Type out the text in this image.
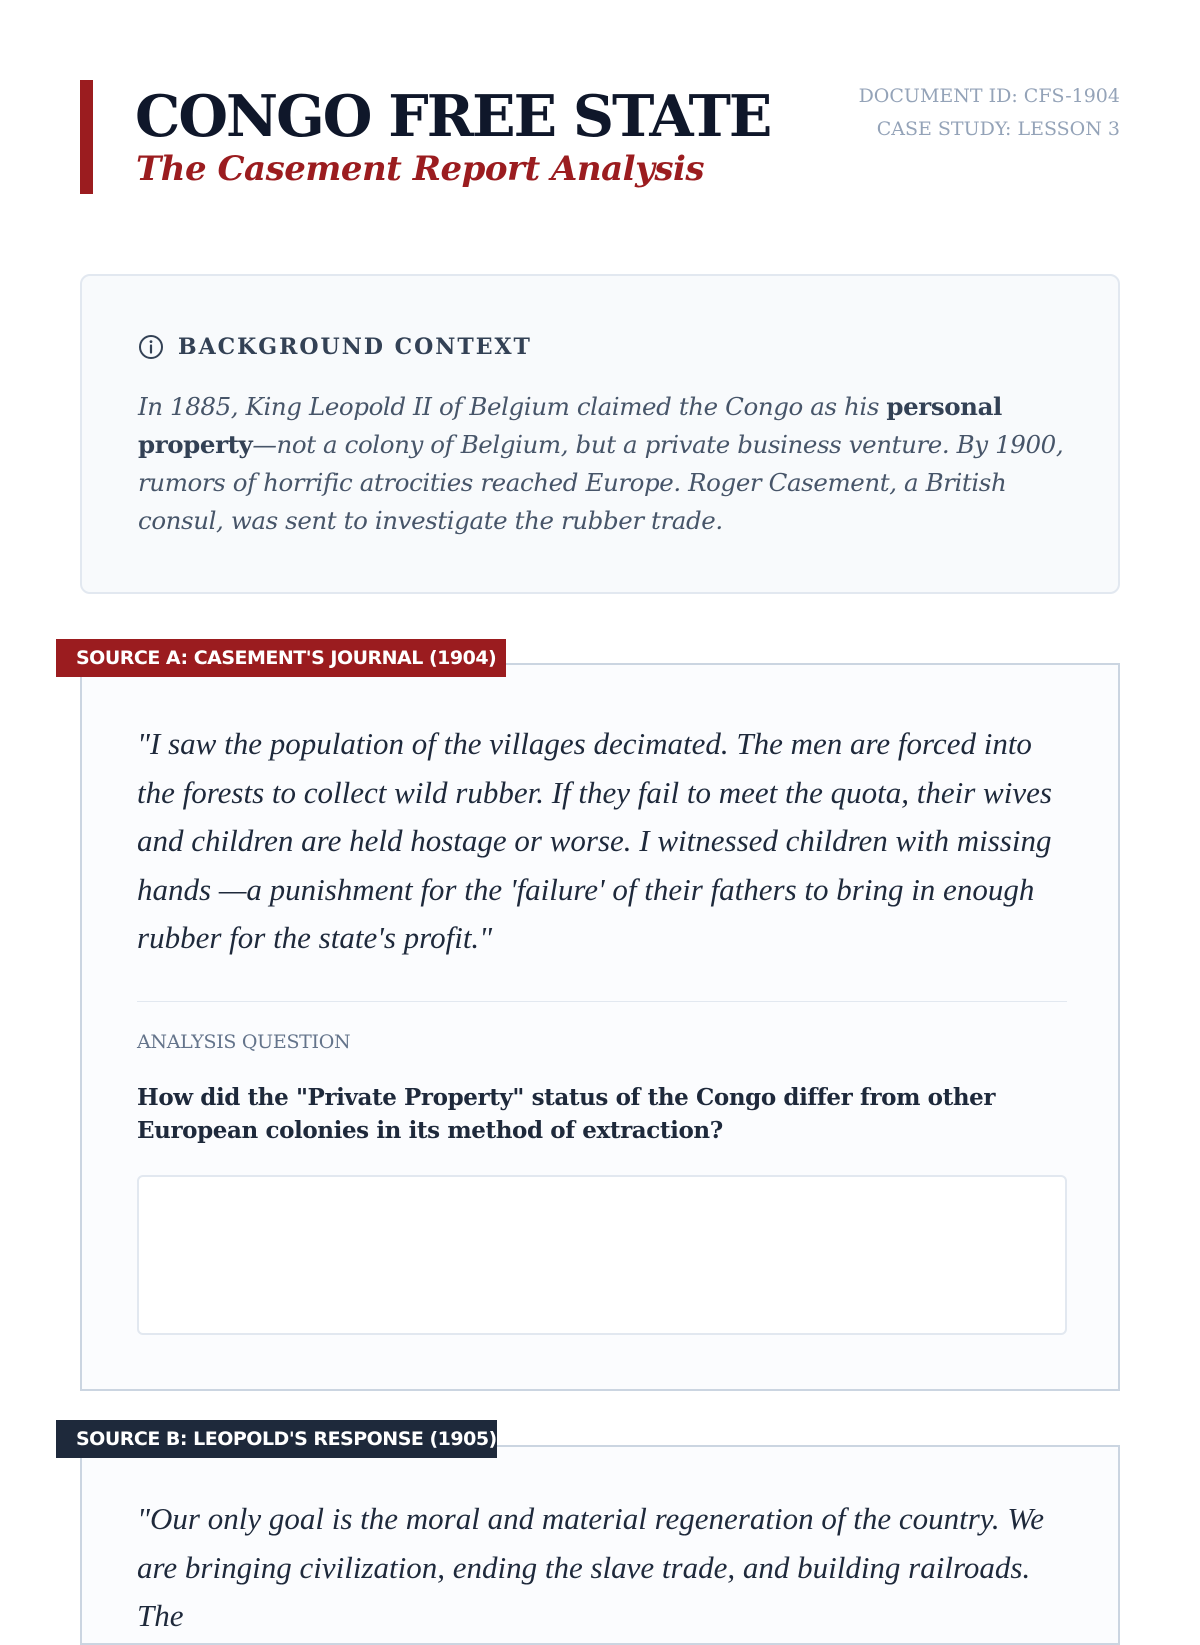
CONGO FREE STATE
The Casement Report Analysis
DOCUMENT ID: CFS-1904
CASE STUDY: LESSON 3
BACKGROUND CONTEXT
In 1885, King Leopold II of Belgium claimed the Congo as his personal property—not a colony of Belgium, but a private business venture. By 1900, rumors of horrific atrocities reached Europe. Roger Casement, a British consul, was sent to investigate the rubber trade.
"I saw the population of the villages decimated. The men are forced into the forests to collect wild rubber. If they fail to meet the quota, their wives and children are held hostage or worse. I witnessed children with missing hands —a punishment for the 'failure' of their fathers to bring in enough rubber for the state's profit."
ANALYSIS QUESTION
How did the "Private Property" status of the Congo differ from other European colonies in its method of extraction?
SOURCE A: CASEMENT'S JOURNAL (1904)
"Our only goal is the moral and material regeneration of the country. We are bringing civilization, ending the slave trade, and building railroads. The
SOURCE B: LEOPOLD'S RESPONSE (1905)
